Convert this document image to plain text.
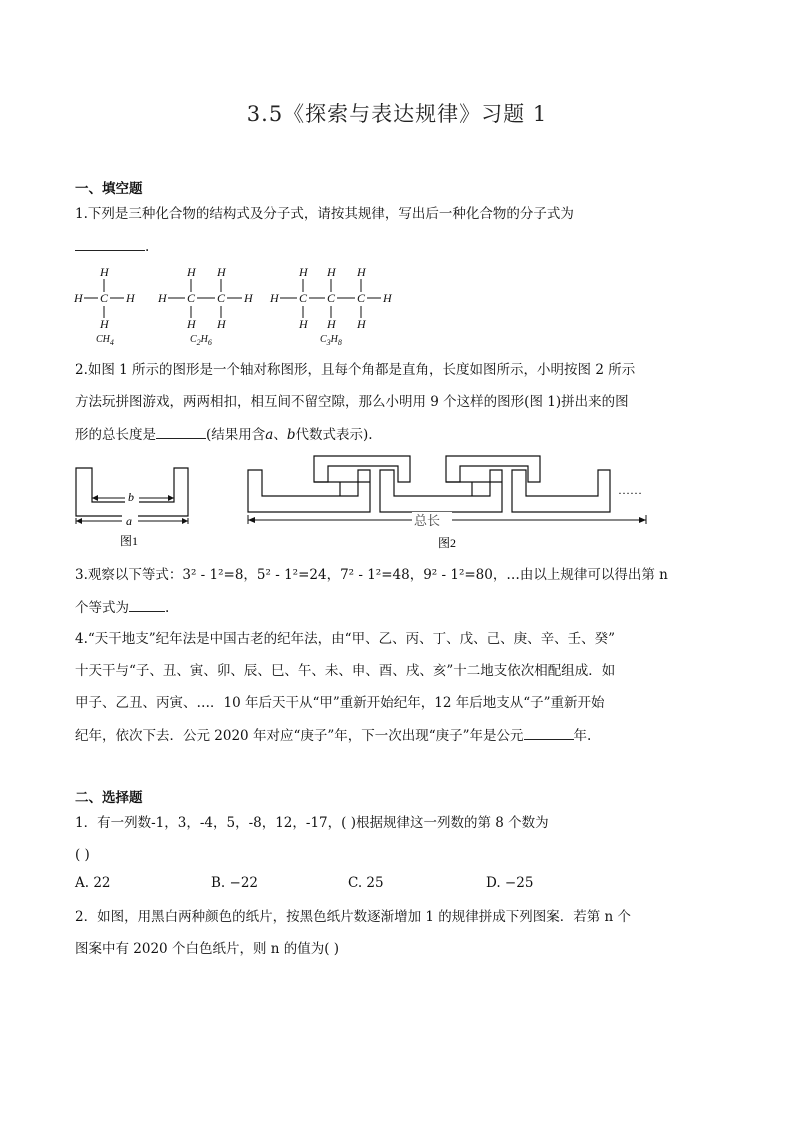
3.5《探索与表达规律》习题 1
一、填空题
1.下列是三种化合物的结构式及分子式，请按其规律，写出后一种化合物的分子式为
.
H
H C H
H
$CH_4$
H H
H C C H
H H
$C_2H_6$
H H H
H C C C H
H H H
$C_3H_8$
2.如图 1 所示的图形是一个轴对称图形，且每个角都是直角，长度如图所示，小明按图 2 所示
方法玩拼图游戏，两两相扣，相互间不留空隙，那么小明用 9 个这样的图形(图 1)拼出来的图
形的总长度是	(结果用含a、b代数式表示).
b
a
图1
总长
……
图2
3.观察以下等式：3² - 1²=8，5² - 1²=24，7² - 1²=48，9² - 1²=80，…由以上规律可以得出第 n
个等式为	.
4.“天干地支”纪年法是中国古老的纪年法，由“甲、乙、丙、丁、戊、己、庚、辛、壬、癸”
十天干与“子、丑、寅、卯、辰、巳、午、未、申、酉、戌、亥”十二地支依次相配组成．如
甲子、乙丑、丙寅、…．10 年后天干从“甲”重新开始纪年，12 年后地支从“子”重新开始
纪年，依次下去．公元 2020 年对应“庚子”年，下一次出现“庚子”年是公元	年.
二、选择题
1．有一列数-1，3，-4，5，-8，12，-17，( )根据规律这一列数的第 8 个数为
( )
A. 22	B. −22	C. 25	D. −25
2．如图，用黑白两种颜色的纸片，按黑色纸片数逐渐增加 1 的规律拼成下列图案．若第 n 个
图案中有 2020 个白色纸片，则 n 的值为( )
